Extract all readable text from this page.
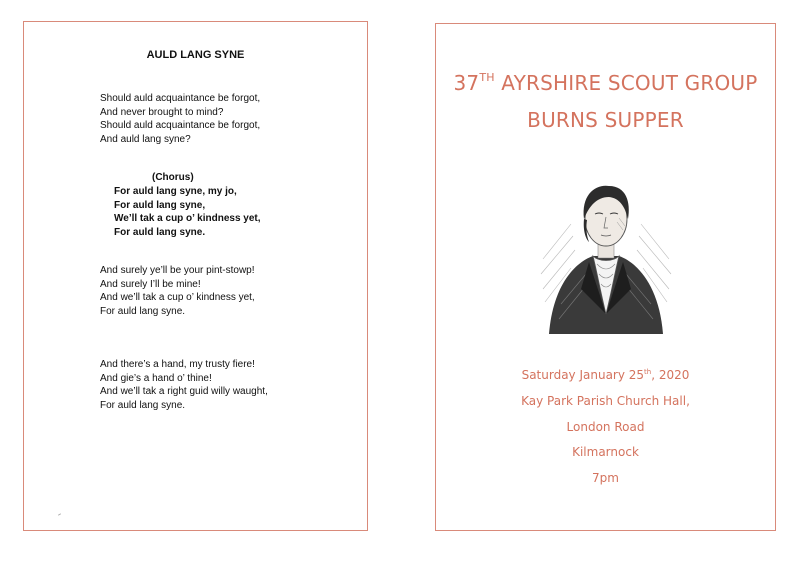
AULD LANG SYNE
Should auld acquaintance be forgot,
And never brought to mind?
Should auld acquaintance be forgot,
And auld lang syne?
(Chorus)
For auld lang syne, my jo,
For auld lang syne,
We’ll tak a cup o’ kindness yet,
For auld lang syne.
And surely ye’ll be your pint-stowp!
And surely I’ll be mine!
And we’ll tak a cup o’ kindness yet,
For auld lang syne.
And there’s a hand, my trusty fiere!
And gie’s a hand o’ thine!
And we’ll tak a right guid willy waught,
For auld lang syne.
37TH AYRSHIRE SCOUT GROUP
BURNS SUPPER
Saturday January 25th, 2020
Kay Park Parish Church Hall,
London Road
Kilmarnock
7pm
